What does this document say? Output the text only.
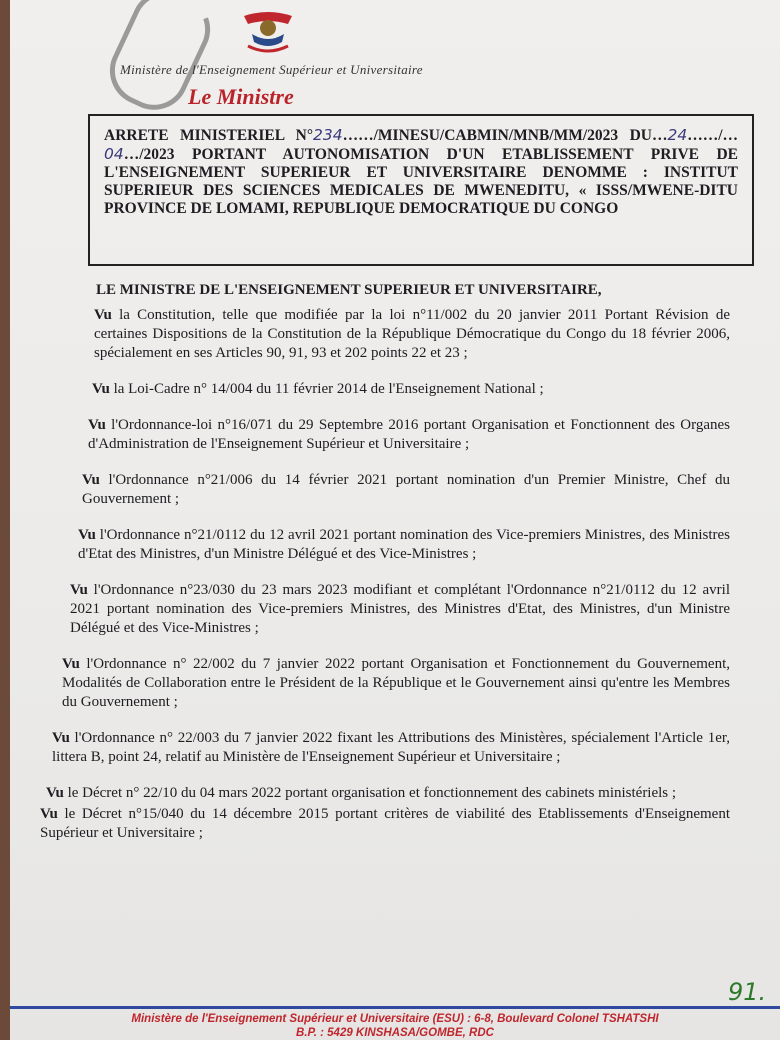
Ministère de l'Enseignement Supérieur et Universitaire
Le Ministre

ARRETE MINISTERIEL N°234……/MINESU/CABMIN/MNB/MM/2023 DU…24……/…04…/2023 PORTANT AUTONOMISATION D'UN ETABLISSEMENT PRIVE DE L'ENSEIGNEMENT SUPERIEUR ET UNIVERSITAIRE DENOMME : INSTITUT SUPERIEUR DES SCIENCES MEDICALES DE MWENEDITU, « ISSS/MWENE-DITU PROVINCE DE LOMAMI, REPUBLIQUE DEMOCRATIQUE DU CONGO

LE MINISTRE DE L'ENSEIGNEMENT SUPERIEUR ET UNIVERSITAIRE,

Vu la Constitution, telle que modifiée par la loi n°11/002 du 20 janvier 2011 Portant Révision de certaines Dispositions de la Constitution de la République Démocratique du Congo du 18 février 2006, spécialement en ses Articles 90, 91, 93 et 202 points 22 et 23 ;

Vu la Loi-Cadre n° 14/004 du 11 février 2014 de l'Enseignement National ;

Vu l'Ordonnance-loi n°16/071 du 29 Septembre 2016 portant Organisation et Fonctionnent des Organes d'Administration de l'Enseignement Supérieur et Universitaire ;

Vu l'Ordonnance n°21/006 du 14 février 2021 portant nomination d'un Premier Ministre, Chef du Gouvernement ;

Vu l'Ordonnance n°21/0112 du 12 avril 2021 portant nomination des Vice-premiers Ministres, des Ministres d'Etat des Ministres, d'un Ministre Délégué et des Vice-Ministres ;

Vu l'Ordonnance n°23/030 du 23 mars 2023 modifiant et complétant l'Ordonnance n°21/0112 du 12 avril 2021 portant nomination des Vice-premiers Ministres, des Ministres d'Etat, des Ministres, d'un Ministre Délégué et des Vice-Ministres ;

Vu l'Ordonnance n° 22/002 du 7 janvier 2022 portant Organisation et Fonctionnement du Gouvernement, Modalités de Collaboration entre le Président de la République et le Gouvernement ainsi qu'entre les Membres du Gouvernement ;

Vu l'Ordonnance n° 22/003 du 7 janvier 2022 fixant les Attributions des Ministères, spécialement l'Article 1er, littera B, point 24, relatif au Ministère de l'Enseignement Supérieur et Universitaire ;

Vu le Décret n° 22/10 du 04 mars 2022 portant organisation et fonctionnement des cabinets ministériels ;

Vu le Décret n°15/040 du 14 décembre 2015 portant critères de viabilité des Etablissements d'Enseignement Supérieur et Universitaire ;

91.
Ministère de l'Enseignement Supérieur et Universitaire (ESU) : 6-8, Boulevard Colonel TSHATSHI
B.P. : 5429 KINSHASA/GOMBE, RDC
